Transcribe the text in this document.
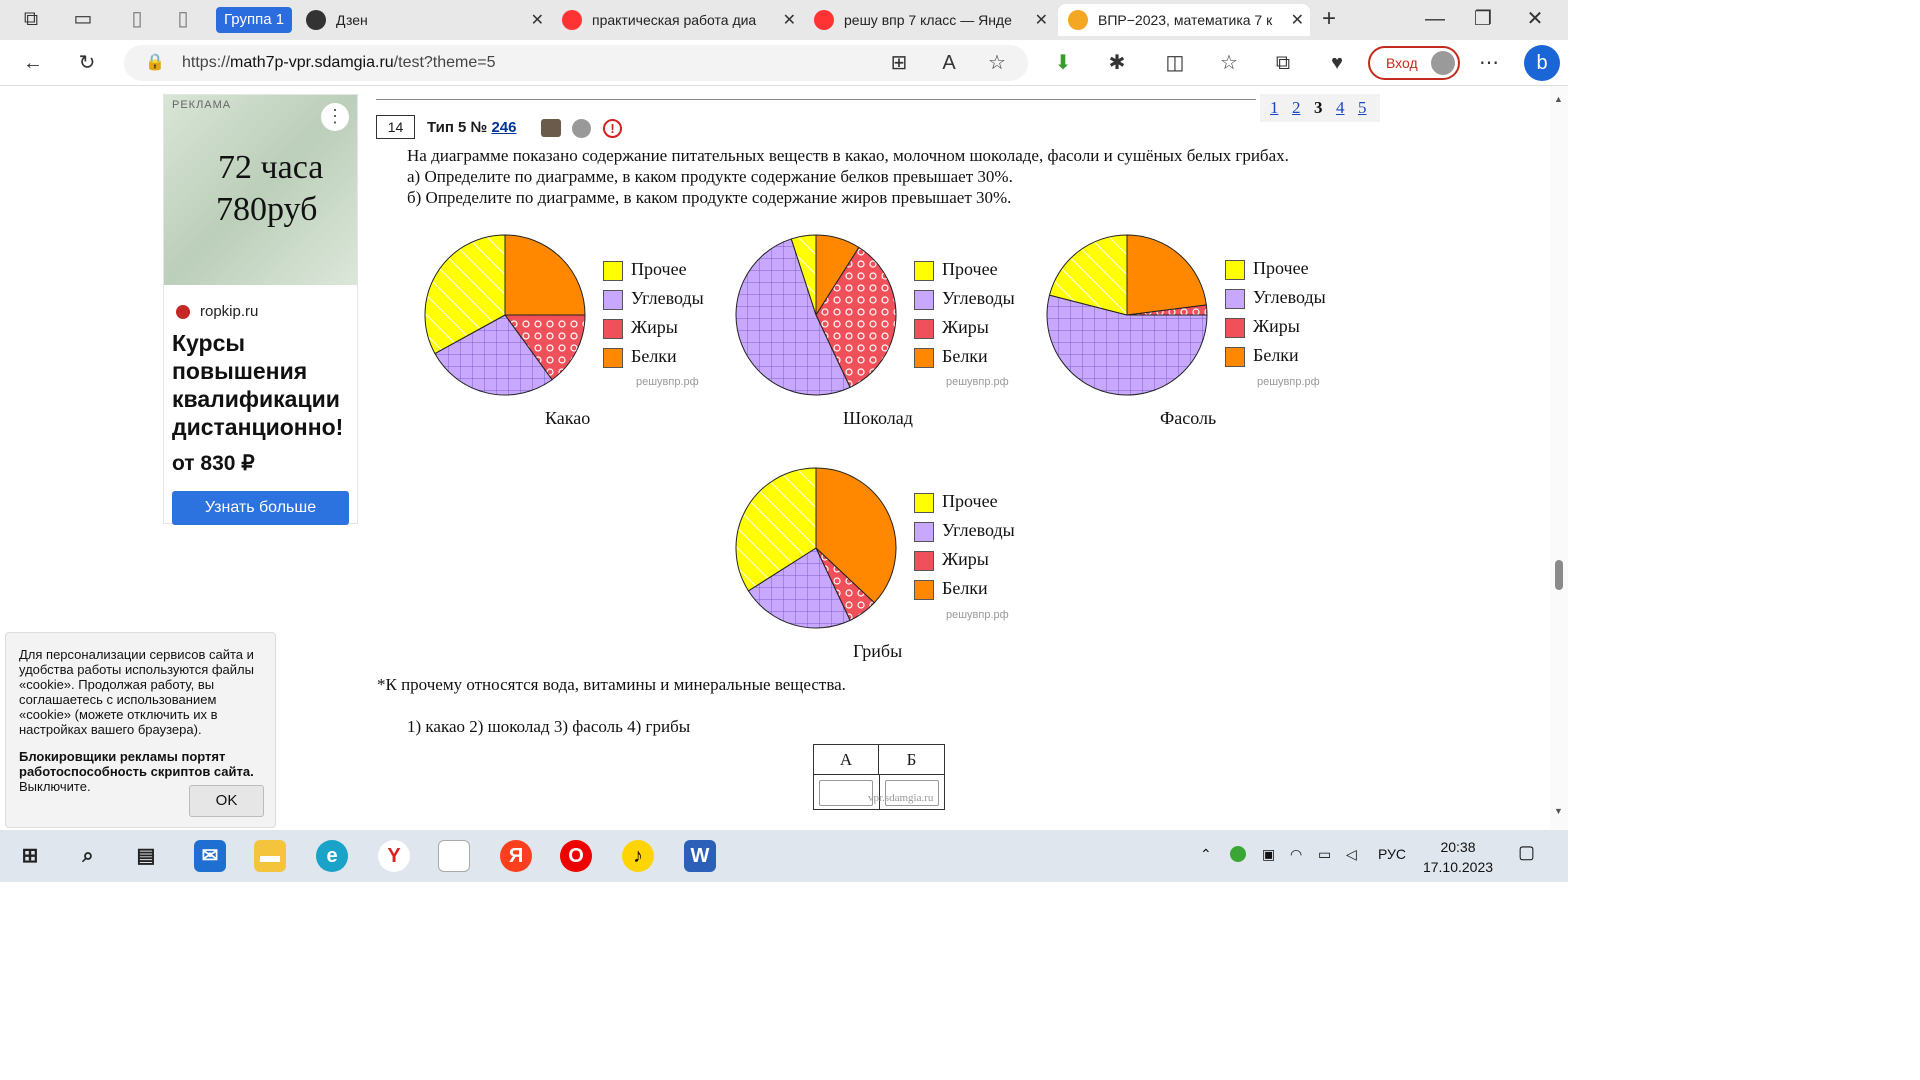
⧉ ▭	▯	▯	Группа 1	Дзен	✕	практическая работа диа ✕	решу впр 7 класс — Янде ✕	ВПР−2023, математика 7 к ✕ +	— ❐ ✕
← ↻	🔒 https://math7p-vpr.sdamgia.ru/test?theme=5	⊞	A	☆ ⬇ ✱ ◫ ☆ ⧉	♥	Вход	⋯	b
72 часа
780руб
РЕКЛАМА
⋮
ropkip.ru
Курсы повышения квалификации дистанционно!
от 830 ₽
Узнать больше
Для персонализации сервисов сайта и удобства работы используются файлы «cookie». Продолжая работу, вы соглашаетесь с использованием «cookie» (можете отключить их в настройках вашего браузера).
Блокировщики рекламы портят работоспособность скриптов сайта. Выключите.
OK
14	Тип 5 № 246	!
1 2 3 4 5
На диаграмме показано содержание питательных веществ в какао, молочном шоколаде, фасоли и сушёных белых грибах.
а) Определите по диаграмме, в каком продукте содержание белков превышает 30%.
б) Определите по диаграмме, в каком продукте содержание жиров превышает 30%.
Какао	Шоколад	Фасоль
Грибы
Прочее
Углеводы
Жиры
Белки
Прочее
Углеводы
Жиры
Белки
Прочее
Углеводы
Жиры
Белки
Прочее
Углеводы
Жиры
Белки
решувпр.рф	решувпр.рф	решувпр.рф
решувпр.рф
*К прочему относятся вода, витамины и минеральные вещества.
1) какао 2) шоколад 3) фасоль 4) грибы
А	Б
vpr.sdamgia.ru
▲
▼
⊞	⌕	▤	✉	▬	e	Y	Я	O	♪	W	⌃	▣ ◠ ▭ ◁ РУС	20:38
17.10.2023
▢
